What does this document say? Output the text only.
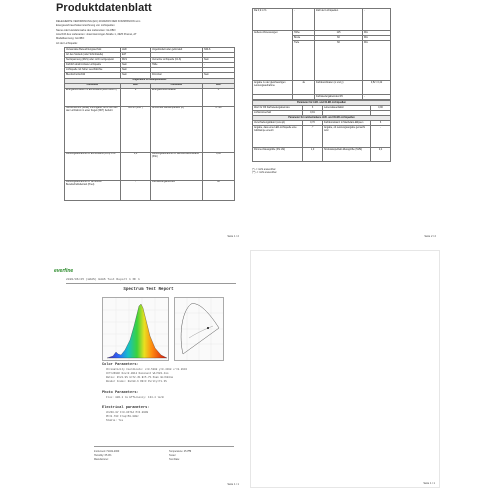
Produktdatenblatt
DELEGIERTE VERORDNUNG (EU) 2019/2015 DER KOMMISSION vom
Energieverbrauchskennzeichnung von Lichtquellen
Name oder Handelsmarke des Lieferanten: GLOBO
Anschrift des Lieferanten: Josef-Heiminger-Straße 1, 4925 Pramet, AT
Modellkennung: GLOBO
Art der Lichtquelle:
Verwendete Beleuchtungstechnik	LED	Ungebündelt oder gebündelt	NDLS
Art des Sockels (oder Schnittstelle)	E27		
Netzspannung (MLS) oder nicht netzgespeist	MLS	Vernetzte Lichtquelle (CLS)	Nein
Farblich abstimmbare Lichtquelle	Nein	Hülle	-
Lichtquelle mit hoher Leuchtdichte	Nein		
Blendschutzschild	Nein	Dimmbar	Nein
Allgemeine Produktparameter			
Parameter	Wert	Parameter	Wert
Energieverbrauch im Ein-Zustand (kWh/1000 h)	6	Energieeffizienzklasse	F
Nutzlichtstrom (Φuse) mit Angabe, ob er sich auf den Lichtstrom in einer Kugel (360°) bezieht	806 lm (360°)	Ähnlichste Farbtemperatur (K)	2.700
Leistungsaufnahme im Ein-Zustand (Pon) in W	6,0	Leistungsaufnahme im Bereitschaftszustand (Psb)	0,00
Leistungsaufnahme im vernetzten Bereitschaftsbetrieb (Pnet)	-	Farbwiedergabeindex	80
Seite 1 / 2
Ra 0,9 in %	-	Zahl der Lichtquellen	-
Äußere Abmessungen	Höhe	115	Mm
	Breite	60	Mm
	Tiefe	60	Mm
Angabe zu der gleichwertigen Leistungsaufnahme	Ja	Farbkoordinaten (x und y)	0,52 / 0,42
		Farbwiedergabeindex R9	-
Parameter für LED- und OLED-Lichtquellen			
Wert für R9 Farbwiedergabeindex	3	Lebensdauerfaktor	0,90
Lichtstromerhalt	0,91		
Parameter für netzbetriebene LED- und OLED-Lichtquellen			
Verschiebungsfaktor (cos φ1)	0,70	Farbkonsistenz in MacAdam-Ellipsen	6
Angabe, dass eine LED-Lichtquelle eine Glühlampe ersetzt	-*	Angabe, ob Leistungsangabe gemacht wird	-
Flimmer-Messgröße (Pst LM)	1,0	Stroboskopeffekt-Messgröße (SVM)	0,4
(*) -= nicht anwendbar
(**) -= nicht anwendbar
Seite 2 / 2
everfine
2020/06/25 (HAAS) HAAS Test Report 1 OF 1
Spectrum Test Report
Color Parameters:
Chromaticity Coordinate: x=0.5208 y=0.4198 u'=0.2934
CCT=2694K Duv=0.0012 Dominant WL=583.4nm
Ratio: R=21.9% G=72.4% B=5.7% Peak WL=604nm
Render Index: Ra=80.6 R9=3 Purity=71.3%
Photo Parameters:
Flux: 806.2 lm Efficiency: 134.4 lm/W
Electrical parameters:
U=230.0V I=0.0371A P=6.003W
PF=0.703 Freq=50.00Hz
Stable: Yes
Instrument: HAAS-2000	Temperature: 25.0℃
Humidity: 65.0%	Tester:
Manufacturer:	Test Date:
Seite 1 / 1	Seite 1 / 1
